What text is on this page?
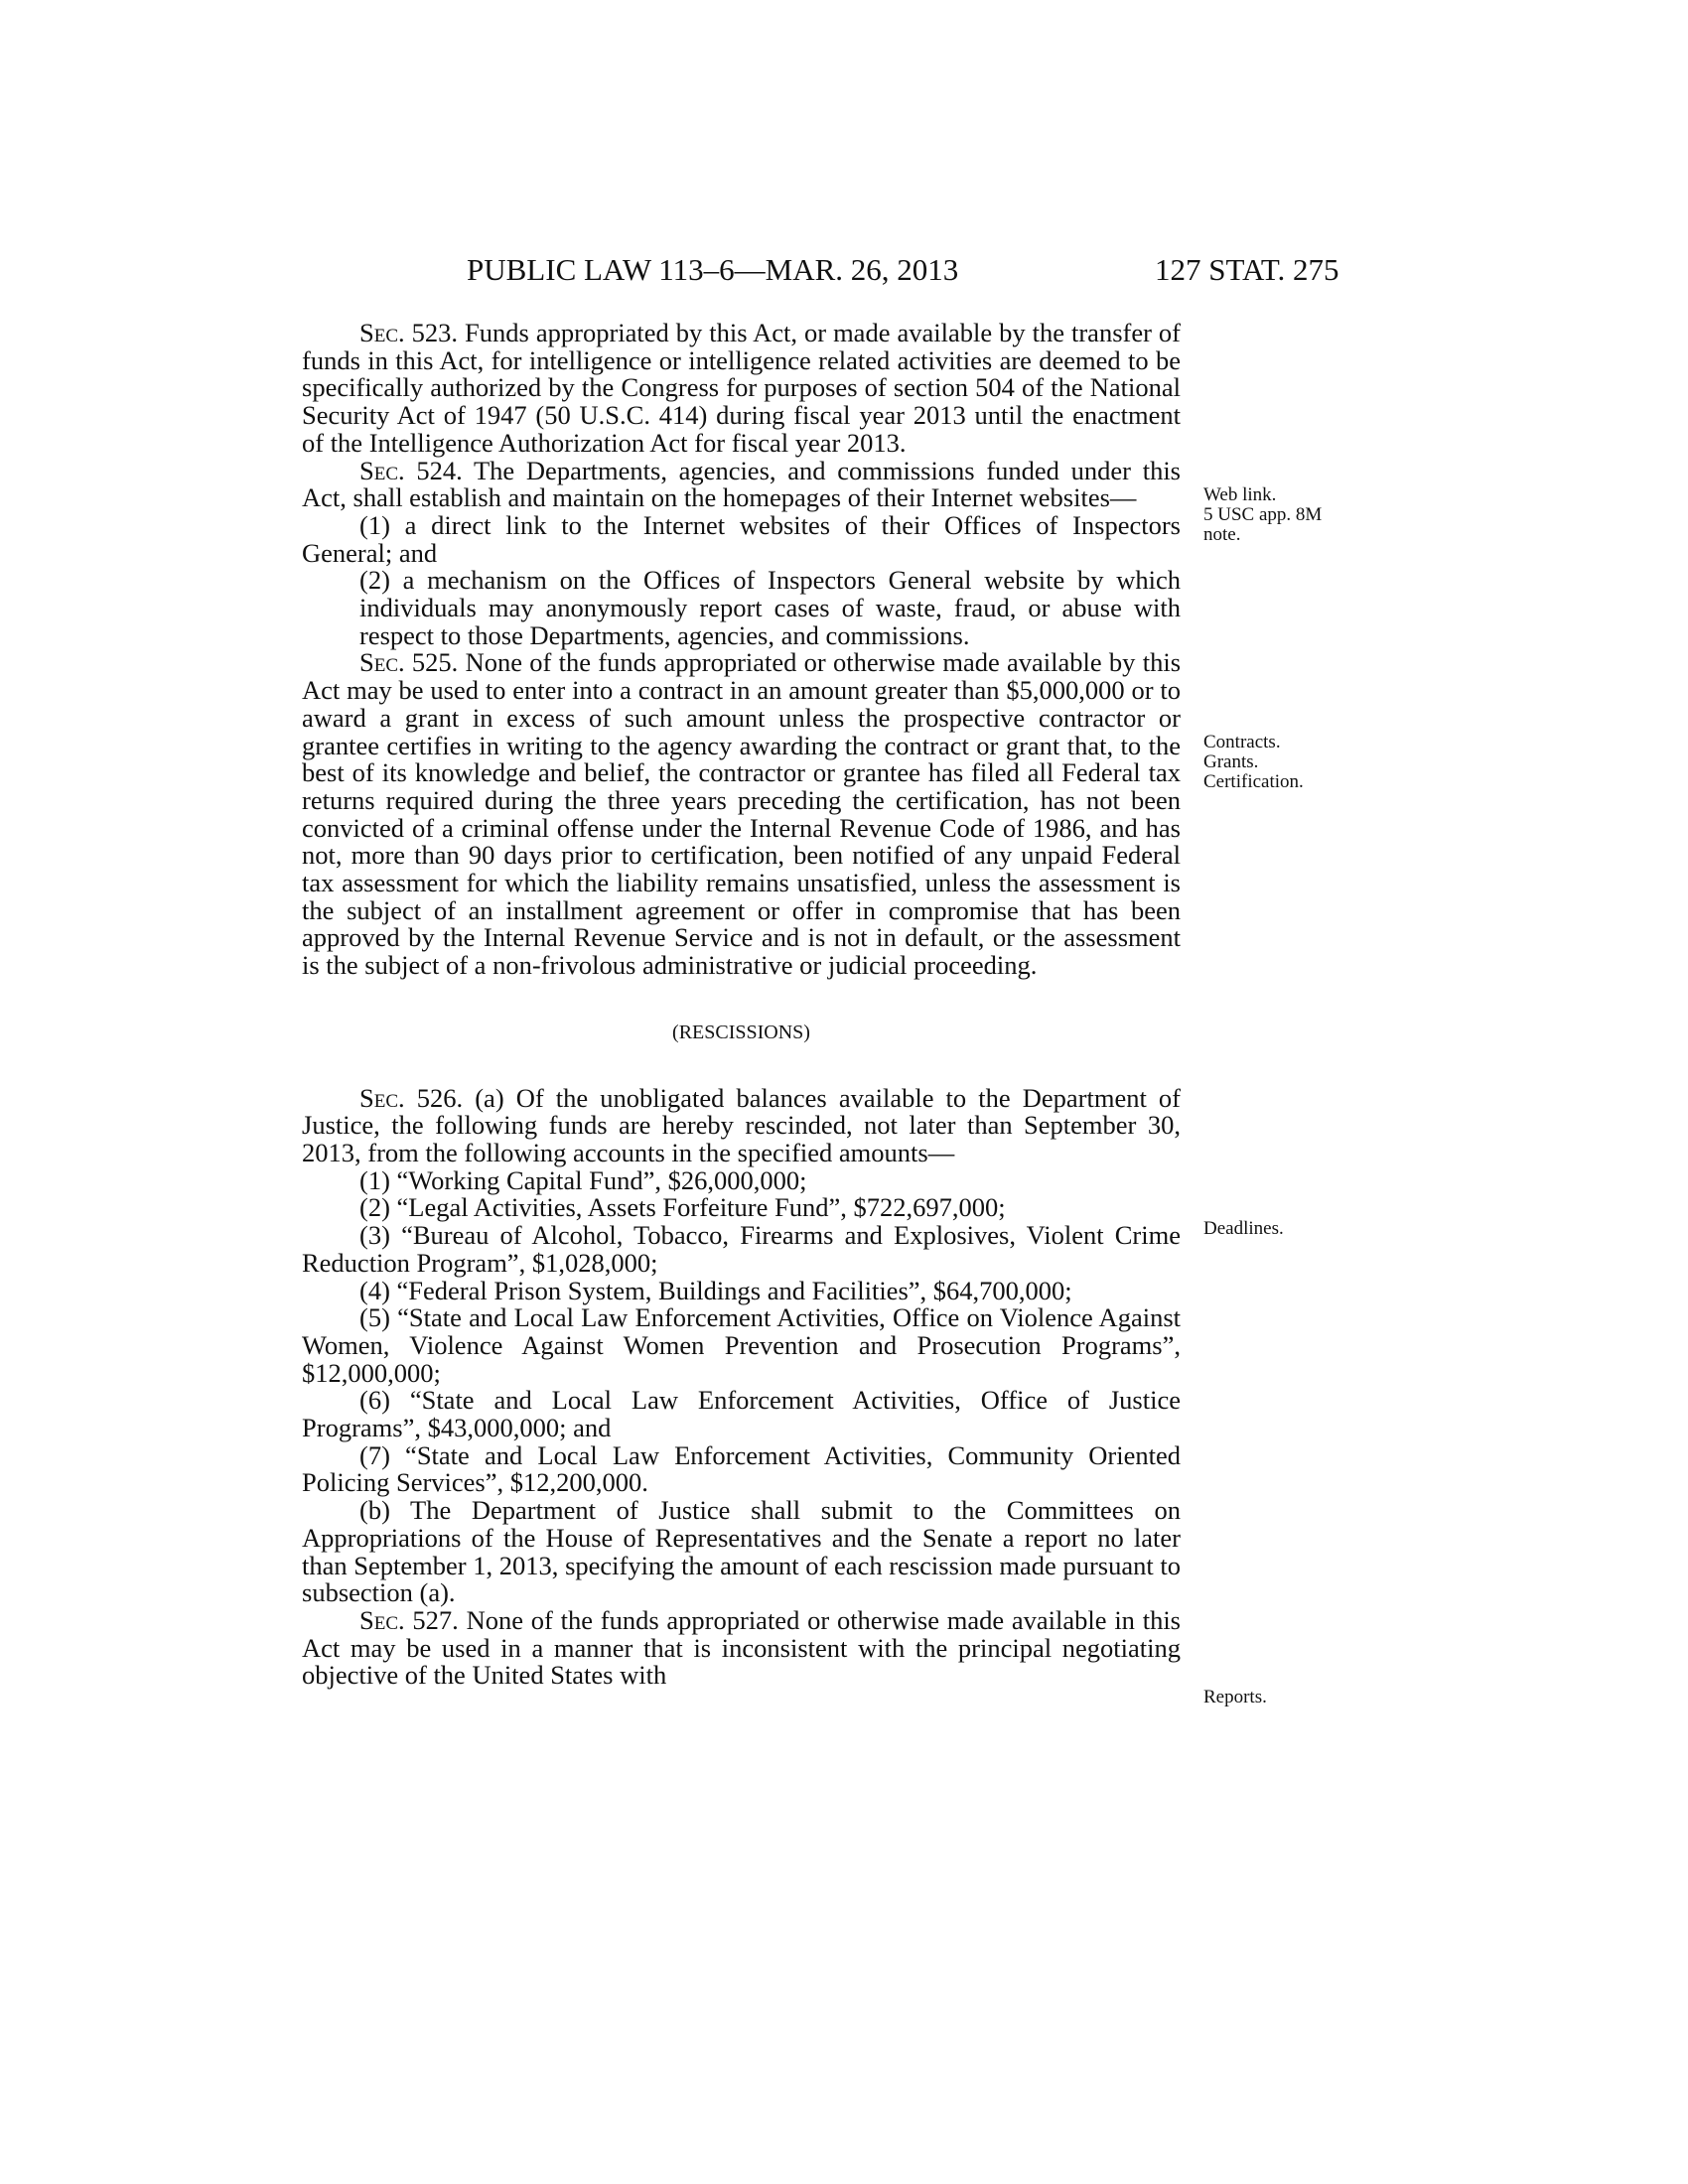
PUBLIC LAW 113–6—MAR. 26, 2013	127 STAT. 275

Sec. 523. Funds appropriated by this Act, or made available by the transfer of funds in this Act, for intelligence or intelligence related activities are deemed to be specifically authorized by the Congress for purposes of section 504 of the National Security Act of 1947 (50 U.S.C. 414) during fiscal year 2013 until the enactment of the Intelligence Authorization Act for fiscal year 2013.

Sec. 524. The Departments, agencies, and commissions funded under this Act, shall establish and maintain on the homepages of their Internet websites—

(1) a direct link to the Internet websites of their Offices of Inspectors General; and

(2) a mechanism on the Offices of Inspectors General website by which individuals may anonymously report cases of waste, fraud, or abuse with respect to those Departments, agencies, and commissions.

Sec. 525. None of the funds appropriated or otherwise made available by this Act may be used to enter into a contract in an amount greater than $5,000,000 or to award a grant in excess of such amount unless the prospective contractor or grantee certifies in writing to the agency awarding the contract or grant that, to the best of its knowledge and belief, the contractor or grantee has filed all Federal tax returns required during the three years preceding the certification, has not been convicted of a criminal offense under the Internal Revenue Code of 1986, and has not, more than 90 days prior to certification, been notified of any unpaid Federal tax assessment for which the liability remains unsatisfied, unless the assessment is the subject of an installment agreement or offer in compromise that has been approved by the Internal Revenue Service and is not in default, or the assessment is the subject of a non-frivolous administrative or judicial proceeding.

(RESCISSIONS)

Sec. 526. (a) Of the unobligated balances available to the Department of Justice, the following funds are hereby rescinded, not later than September 30, 2013, from the following accounts in the specified amounts—

(1) “Working Capital Fund”, $26,000,000;

(2) “Legal Activities, Assets Forfeiture Fund”, $722,697,000;

(3) “Bureau of Alcohol, Tobacco, Firearms and Explosives, Violent Crime Reduction Program”, $1,028,000;

(4) “Federal Prison System, Buildings and Facilities”, $64,700,000;

(5) “State and Local Law Enforcement Activities, Office on Violence Against Women, Violence Against Women Prevention and Prosecution Programs”, $12,000,000;

(6) “State and Local Law Enforcement Activities, Office of Justice Programs”, $43,000,000; and

(7) “State and Local Law Enforcement Activities, Community Oriented Policing Services”, $12,200,000.

(b) The Department of Justice shall submit to the Committees on Appropriations of the House of Representatives and the Senate a report no later than September 1, 2013, specifying the amount of each rescission made pursuant to subsection (a).

Sec. 527. None of the funds appropriated or otherwise made available in this Act may be used in a manner that is inconsistent with the principal negotiating objective of the United States with

Web link.
5 USC app. 8M
note.
Contracts.
Grants.
Certification.
Deadlines.
Reports.
